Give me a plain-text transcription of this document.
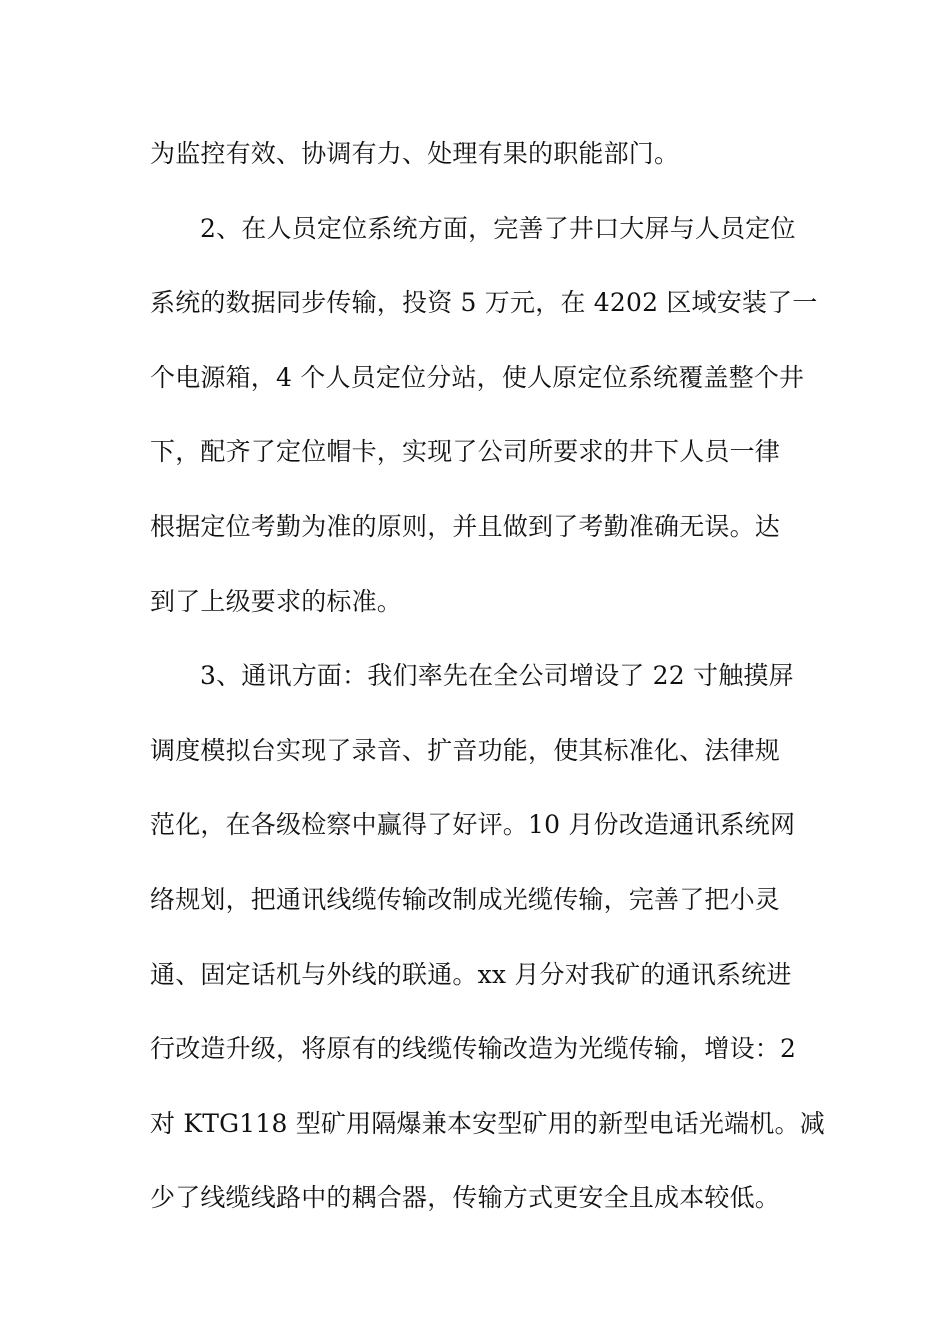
为监控有效、协调有力、处理有果的职能部门。
2、在人员定位系统方面，完善了井口大屏与人员定位
系统的数据同步传输，投资 5 万元，在 4202 区域安装了一
个电源箱，4 个人员定位分站，使人原定位系统覆盖整个井
下，配齐了定位帽卡，实现了公司所要求的井下人员一律
根据定位考勤为准的原则，并且做到了考勤准确无误。达
到了上级要求的标准。
3、通讯方面：我们率先在全公司增设了 22 寸触摸屏
调度模拟台实现了录音、扩音功能，使其标准化、法律规
范化，在各级检察中赢得了好评。10 月份改造通讯系统网
络规划，把通讯线缆传输改制成光缆传输，完善了把小灵
通、固定话机与外线的联通。xx 月分对我矿的通讯系统进
行改造升级，将原有的线缆传输改造为光缆传输，增设：2
对 KTG118 型矿用隔爆兼本安型矿用的新型电话光端机。减
少了线缆线路中的耦合器，传输方式更安全且成本较低。
